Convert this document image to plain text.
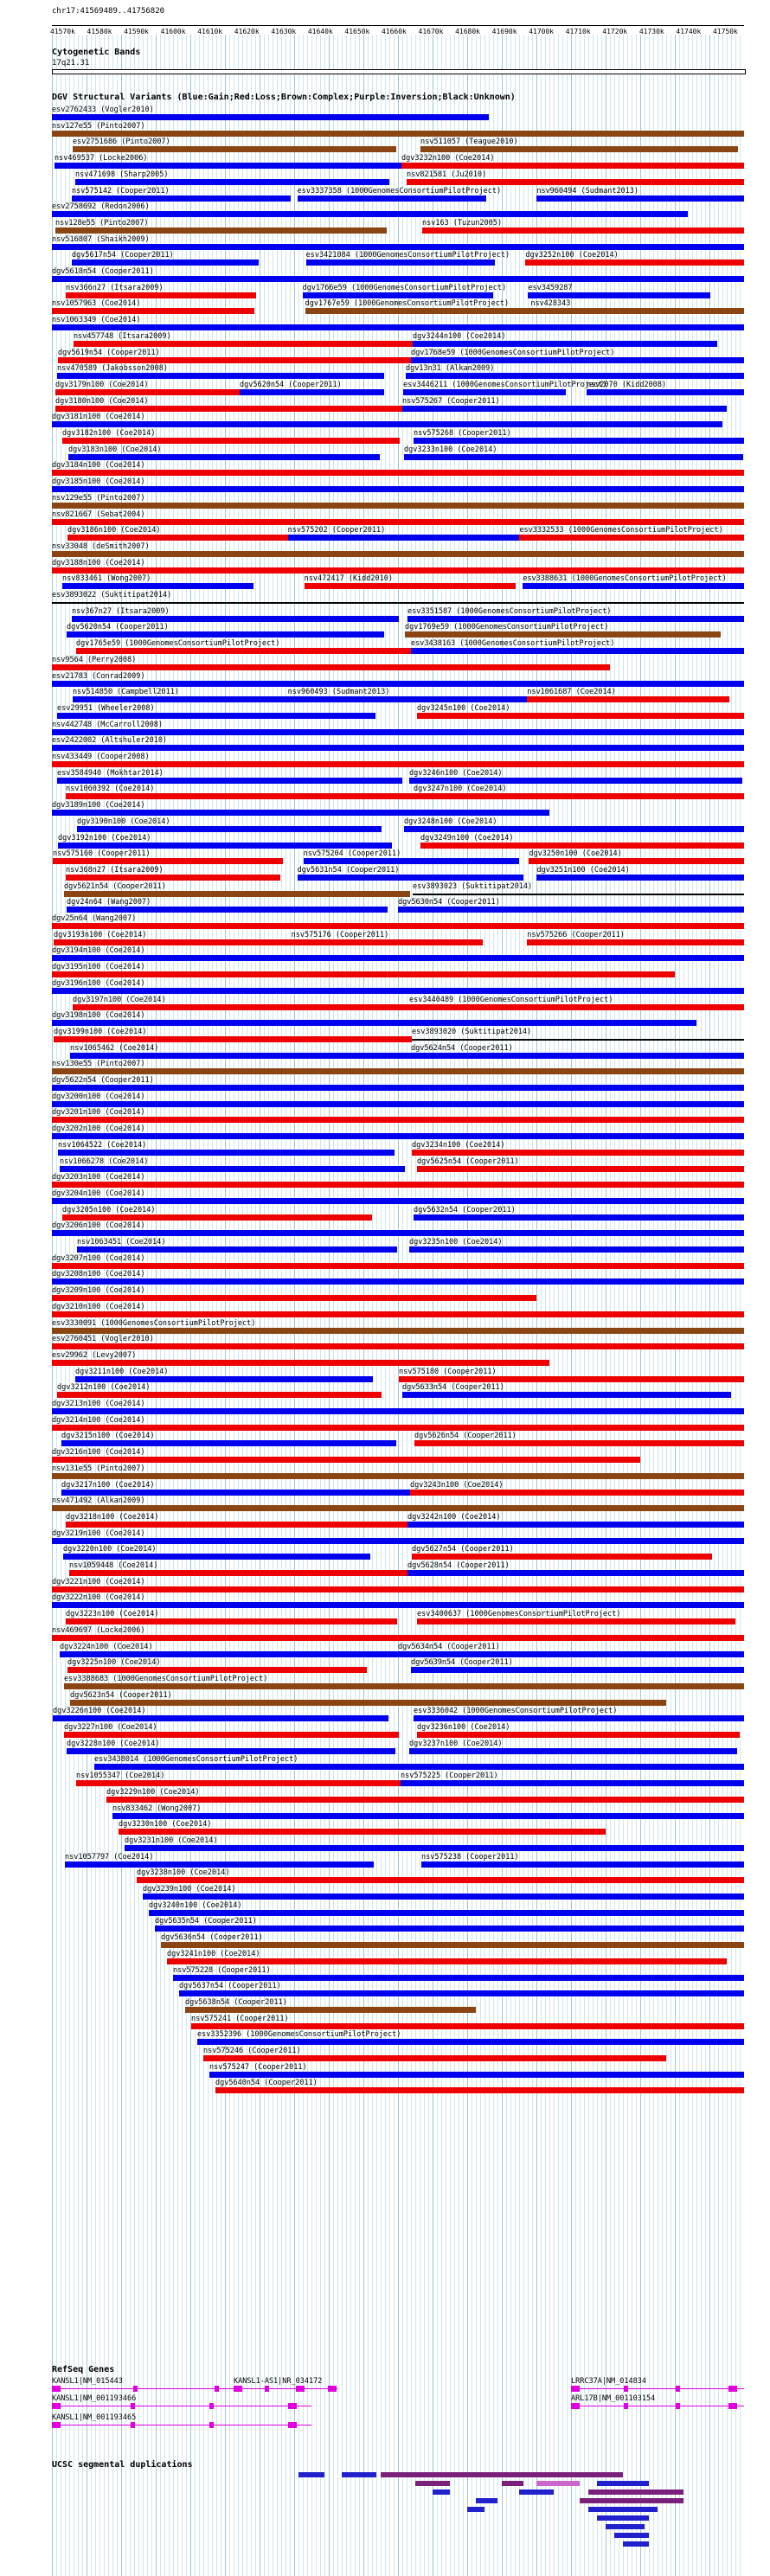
chr17:41569489..41756820
41570k 41580k 41590k 41600k 41610k 41620k 41630k 41640k 41650k 41660k 41670k 41680k 41690k 41700k 41710k 41720k 41730k 41740k 41750k
Cytogenetic Bands
17q21.31
DGV Structural Variants (Blue:Gain;Red:Loss;Brown:Complex;Purple:Inversion;Black:Unknown)
esv2762433 (Vogler2010)
nsv127e55 (Pinto2007)
esv2751686 (Pinto2007)	nsv511057 (Teague2010)
nsv469537 (Locke2006)	dgv3232n100 (Coe2014)
nsv471698 (Sharp2005)	nsv821581 (Ju2010)
nsv575142 (Cooper2011)	esv3337358 (1000GenomesConsortiumPilotProject)	nsv960494 (Sudmant2013)
esv2758692 (Redon2006)
nsv128e55 (Pinto2007)	nsv163 (Tuzun2005)
nsv516807 (Shaikh2009)
dgv5617n54 (Cooper2011)	esv3421084 (1000GenomesConsortiumPilotProject) dgv3252n100 (Coe2014)
dgv5618n54 (Cooper2011)
nsv366n27 (Itsara2009)	dgv1766e59 (1000GenomesConsortiumPilotProject)	esv3459287
nsv1057963 (Coe2014)	dgv1767e59 (1000GenomesConsortiumPilotProject)	nsv428343
nsv1063349 (Coe2014)
nsv457748 (Itsara2009)	dgv3244n100 (Coe2014)
dgv5619n54 (Cooper2011)	dgv1768e59 (1000GenomesConsortiumPilotProject)
nsv470589 (Jakobsson2008)	dgv13n31 (Alkan2009)
dgv3179n100 (Coe2014)	dgv5620n54 (Cooper2011)	esv3446211 (1000GenomesConsortiumPilotProject)
nsv2070 (Kidd2008)
dgv3180n100 (Coe2014)	nsv575267 (Cooper2011)
dgv3181n100 (Coe2014)
dgv3182n100 (Coe2014)	nsv575268 (Cooper2011)
dgv3183n100 (Coe2014)	dgv3233n100 (Coe2014)
dgv3184n100 (Coe2014)
dgv3185n100 (Coe2014)
nsv129e55 (Pinto2007)
nsv821667 (Sebat2004)
dgv3186n100 (Coe2014)	nsv575202 (Cooper2011)	esv3332533 (1000GenomesConsortiumPilotProject)
nsv33048 (deSmith2007)
dgv3188n100 (Coe2014)
nsv833461 (Wong2007)	nsv472417 (Kidd2010)	esv3388631 (1000GenomesConsortiumPilotProject)
esv3893022 (Suktitipat2014)
nsv367n27 (Itsara2009)	esv3351587 (1000GenomesConsortiumPilotProject)
dgv5620n54 (Cooper2011)	dgv1769e59 (1000GenomesConsortiumPilotProject)
dgv1765e59 (1000GenomesConsortiumPilotProject)	esv3438163 (1000GenomesConsortiumPilotProject)
nsv9564 (Perry2008)
esv21783 (Conrad2009)
nsv514850 (Campbell2011)	nsv960493 (Sudmant2013)	nsv1061687 (Coe2014)
esv29951 (Wheeler2008)	dgv3245n100 (Coe2014)
nsv442748 (McCarroll2008)
esv2422002 (Altshuler2010)
nsv433449 (Cooper2008)
esv3584940 (Mokhtar2014)	dgv3246n100 (Coe2014)
nsv1060392 (Coe2014)	dgv3247n100 (Coe2014)
dgv3189n100 (Coe2014)
dgv3190n100 (Coe2014)	dgv3248n100 (Coe2014)
dgv3192n100 (Coe2014)	dgv3249n100 (Coe2014)
nsv575160 (Cooper2011)	nsv575204 (Cooper2011)	dgv3250n100 (Coe2014)
nsv368n27 (Itsara2009)	dgv5631n54 (Cooper2011)	dgv3251n100 (Coe2014)
dgv5621n54 (Cooper2011)	esv3893023 (Suktitipat2014)
dgv24n64 (Wang2007)	dgv5630n54 (Cooper2011)
dgv25n64 (Wang2007)
dgv3193n100 (Coe2014)	nsv575176 (Cooper2011)	nsv575266 (Cooper2011)
dgv3194n100 (Coe2014)
dgv3195n100 (Coe2014)
dgv3196n100 (Coe2014)
dgv3197n100 (Coe2014)	esv3440489 (1000GenomesConsortiumPilotProject)
dgv3198n100 (Coe2014)
dgv3199n100 (Coe2014)	esv3893020 (Suktitipat2014)
nsv1065462 (Coe2014)	dgv5624n54 (Cooper2011)
nsv130e55 (Pinto2007)
dgv5622n54 (Cooper2011)
dgv3200n100 (Coe2014)
dgv3201n100 (Coe2014)
dgv3202n100 (Coe2014)
nsv1064522 (Coe2014)	dgv3234n100 (Coe2014)
nsv1066278 (Coe2014)	dgv5625n54 (Cooper2011)
dgv3203n100 (Coe2014)
dgv3204n100 (Coe2014)
dgv3205n100 (Coe2014)	dgv5632n54 (Cooper2011)
dgv3206n100 (Coe2014)
nsv1063451 (Coe2014)	dgv3235n100 (Coe2014)
dgv3207n100 (Coe2014)
dgv3208n100 (Coe2014)
dgv3209n100 (Coe2014)
dgv3210n100 (Coe2014)
esv3330091 (1000GenomesConsortiumPilotProject)
esv2760451 (Vogler2010)
esv29962 (Levy2007)
dgv3211n100 (Coe2014)	nsv575180 (Cooper2011)
dgv3212n100 (Coe2014)	dgv5633n54 (Cooper2011)
dgv3213n100 (Coe2014)
dgv3214n100 (Coe2014)
dgv3215n100 (Coe2014)	dgv5626n54 (Cooper2011)
dgv3216n100 (Coe2014)
nsv131e55 (Pinto2007)
dgv3217n100 (Coe2014)	dgv3243n100 (Coe2014)
nsv471492 (Alkan2009)
dgv3218n100 (Coe2014)	dgv3242n100 (Coe2014)
dgv3219n100 (Coe2014)
dgv3220n100 (Coe2014)	dgv5627n54 (Cooper2011)
nsv1059448 (Coe2014)	dgv5628n54 (Cooper2011)
dgv3221n100 (Coe2014)
dgv3222n100 (Coe2014)
dgv3223n100 (Coe2014)	esv3400637 (1000GenomesConsortiumPilotProject)
nsv469697 (Locke2006)
dgv3224n100 (Coe2014)	dgv5634n54 (Cooper2011)
dgv3225n100 (Coe2014)	dgv5639n54 (Cooper2011)
esv3388683 (1000GenomesConsortiumPilotProject)
dgv5623n54 (Cooper2011)
dgv3226n100 (Coe2014)	esv3336042 (1000GenomesConsortiumPilotProject)
dgv3227n100 (Coe2014)	dgv3236n100 (Coe2014)
dgv3228n100 (Coe2014)	dgv3237n100 (Coe2014)
esv3438014 (1000GenomesConsortiumPilotProject)
nsv1055347 (Coe2014)	nsv575225 (Cooper2011)
dgv3229n100 (Coe2014)
nsv833462 (Wong2007)
dgv3230n100 (Coe2014)
dgv3231n100 (Coe2014)
nsv1057797 (Coe2014)	nsv575238 (Cooper2011)
dgv3238n100 (Coe2014)
dgv3239n100 (Coe2014)
dgv3240n100 (Coe2014)
dgv5635n54 (Cooper2011)
dgv5636n54 (Cooper2011)
dgv3241n100 (Coe2014)
nsv575228 (Cooper2011)
dgv5637n54 (Cooper2011)
dgv5638n54 (Cooper2011)
nsv575241 (Cooper2011)
esv3352396 (1000GenomesConsortiumPilotProject)
nsv575246 (Cooper2011)
nsv575247 (Cooper2011)
dgv5640n54 (Cooper2011)
RefSeq Genes
KANSL1|NM_015443	KANSL1-AS1|NR_034172	LRRC37A|NM_014834
KANSL1|NM_001193466	ARL17B|NM_001103154
KANSL1|NM_001193465
UCSC segmental duplications
